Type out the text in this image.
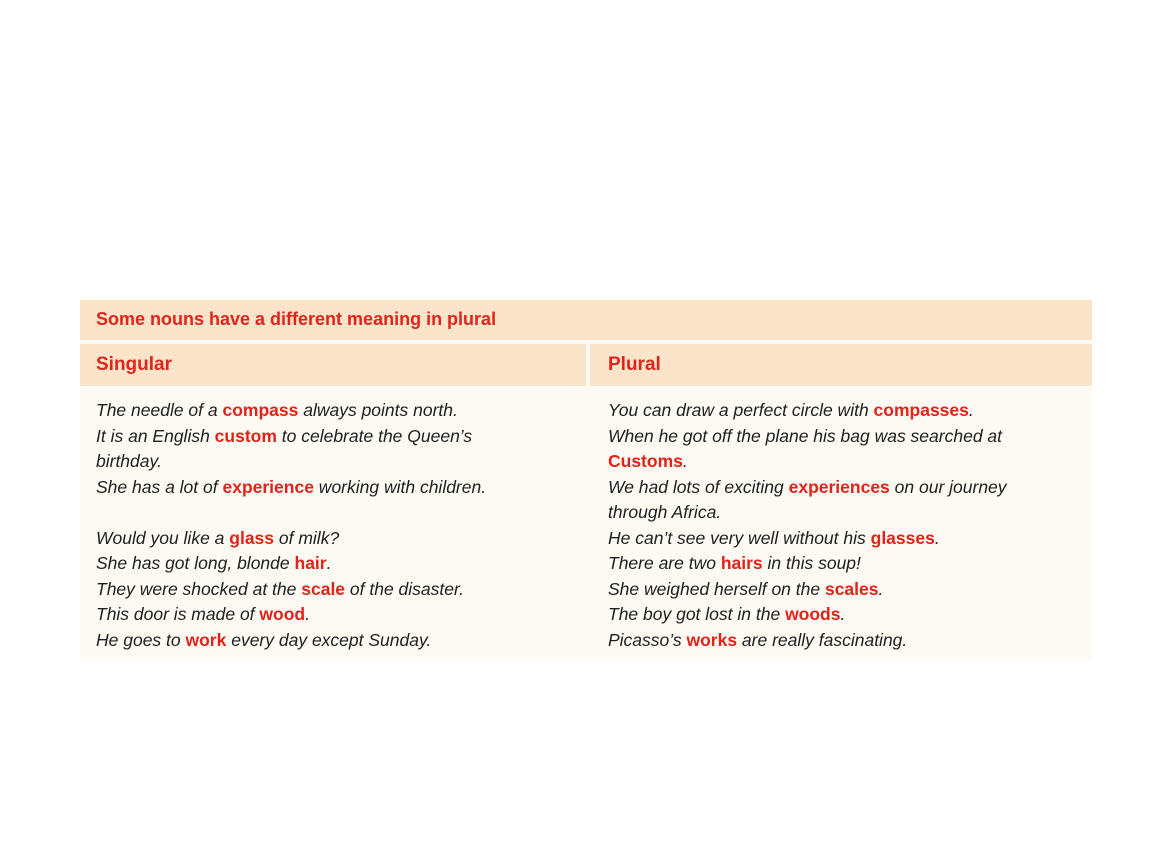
Some nouns have a different meaning in plural
Singular	Plural
The needle of a compass always points north.
It is an English custom to celebrate the Queen’s
birthday.
She has a lot of experience working with children.
Would you like a glass of milk?
She has got long, blonde hair.
They were shocked at the scale of the disaster.
This door is made of wood.
He goes to work every day except Sunday.
You can draw a perfect circle with compasses.
When he got off the plane his bag was searched at
Customs.
We had lots of exciting experiences on our journey
through Africa.
He can’t see very well without his glasses.
There are two hairs in this soup!
She weighed herself on the scales.
The boy got lost in the woods.
Picasso’s works are really fascinating.
